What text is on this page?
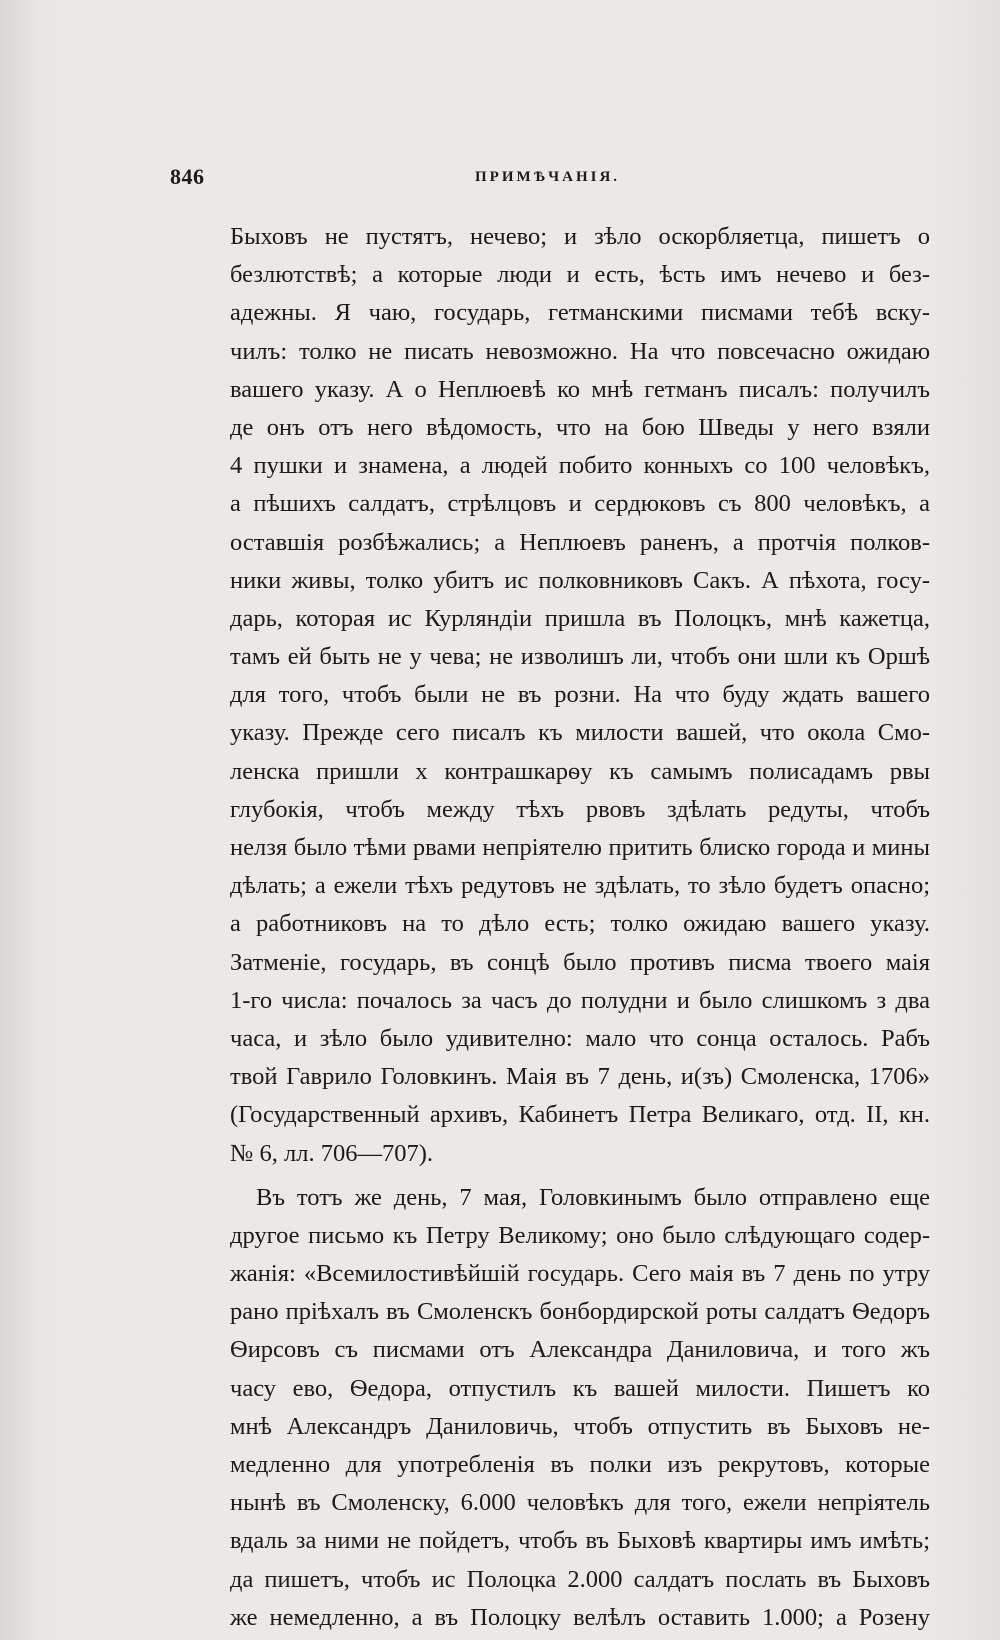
846	ПРИМѢЧАНІЯ.
Быховъ не пустятъ, нечево; и зѣло оскорбляетца, пишетъ о
безлютствѣ; а которые люди и есть, ѣсть имъ нечево и без-
адежны. Я чаю, государь, гетманскими писмами тебѣ вску-
чилъ: толко не писать невозможно. На что повсечасно ожидаю
вашего указу. А о Неплюевѣ ко мнѣ гетманъ писалъ: получилъ
де онъ отъ него вѣдомость, что на бою Шведы у него взяли
4 пушки и знамена, а людей побито конныхъ со 100 человѣкъ,
а пѣшихъ салдатъ, стрѣлцовъ и сердюковъ съ 800 человѣкъ, а
оставшія розбѣжались; а Неплюевъ раненъ, а протчія полков-
ники живы, толко убитъ ис полковниковъ Сакъ. А пѣхота, госу-
дарь, которая ис Курляндіи пришла въ Полоцкъ, мнѣ кажетца,
тамъ ей быть не у чева; не изволишъ ли, чтобъ они шли къ Оршѣ
для того, чтобъ были не въ розни. На что буду ждать вашего
указу. Прежде сего писалъ къ милости вашей, что окола Смо-
ленска пришли х контрашкарѳу къ самымъ полисадамъ рвы
глубокія, чтобъ между тѣхъ рвовъ здѣлать редуты, чтобъ
нелзя было тѣми рвами непріятелю притить блиско города и мины
дѣлать; а ежели тѣхъ редутовъ не здѣлать, то зѣло будетъ опасно;
а работниковъ на то дѣло есть; толко ожидаю вашего указу.
Затменіе, государь, въ сонцѣ было противъ писма твоего маія
1-го числа: почалось за часъ до полудни и было слишкомъ з два
часа, и зѣло было удивително: мало что сонца осталось. Рабъ
твой Гаврило Головкинъ. Маія въ 7 день, и(зъ) Смоленска, 1706»
(Государственный архивъ, Кабинетъ Петра Великаго, отд. II, кн.
№ 6, лл. 706—707).
Въ тотъ же день, 7 мая, Головкинымъ было отправлено еще
другое письмо къ Петру Великому; оно было слѣдующаго содер-
жанія: «Всемилостивѣйшій государь. Сего маія въ 7 день по утру
рано пріѣхалъ въ Смоленскъ бонбордирской роты салдатъ Ѳедоръ
Ѳирсовъ съ писмами отъ Александра Даниловича, и того жъ
часу ево, Ѳедора, отпустилъ къ вашей милости. Пишетъ ко
мнѣ Александръ Даниловичь, чтобъ отпустить въ Быховъ не-
медленно для употребленія въ полки изъ рекрутовъ, которые
нынѣ въ Смоленску, 6.000 человѣкъ для того, ежели непріятель
вдаль за ними не пойдетъ, чтобъ въ Быховѣ квартиры имъ имѣть;
да пишетъ, чтобъ ис Полоцка 2.000 салдатъ послать въ Быховъ
же немедленно, а въ Полоцку велѣлъ оставить 1.000; а Розену
